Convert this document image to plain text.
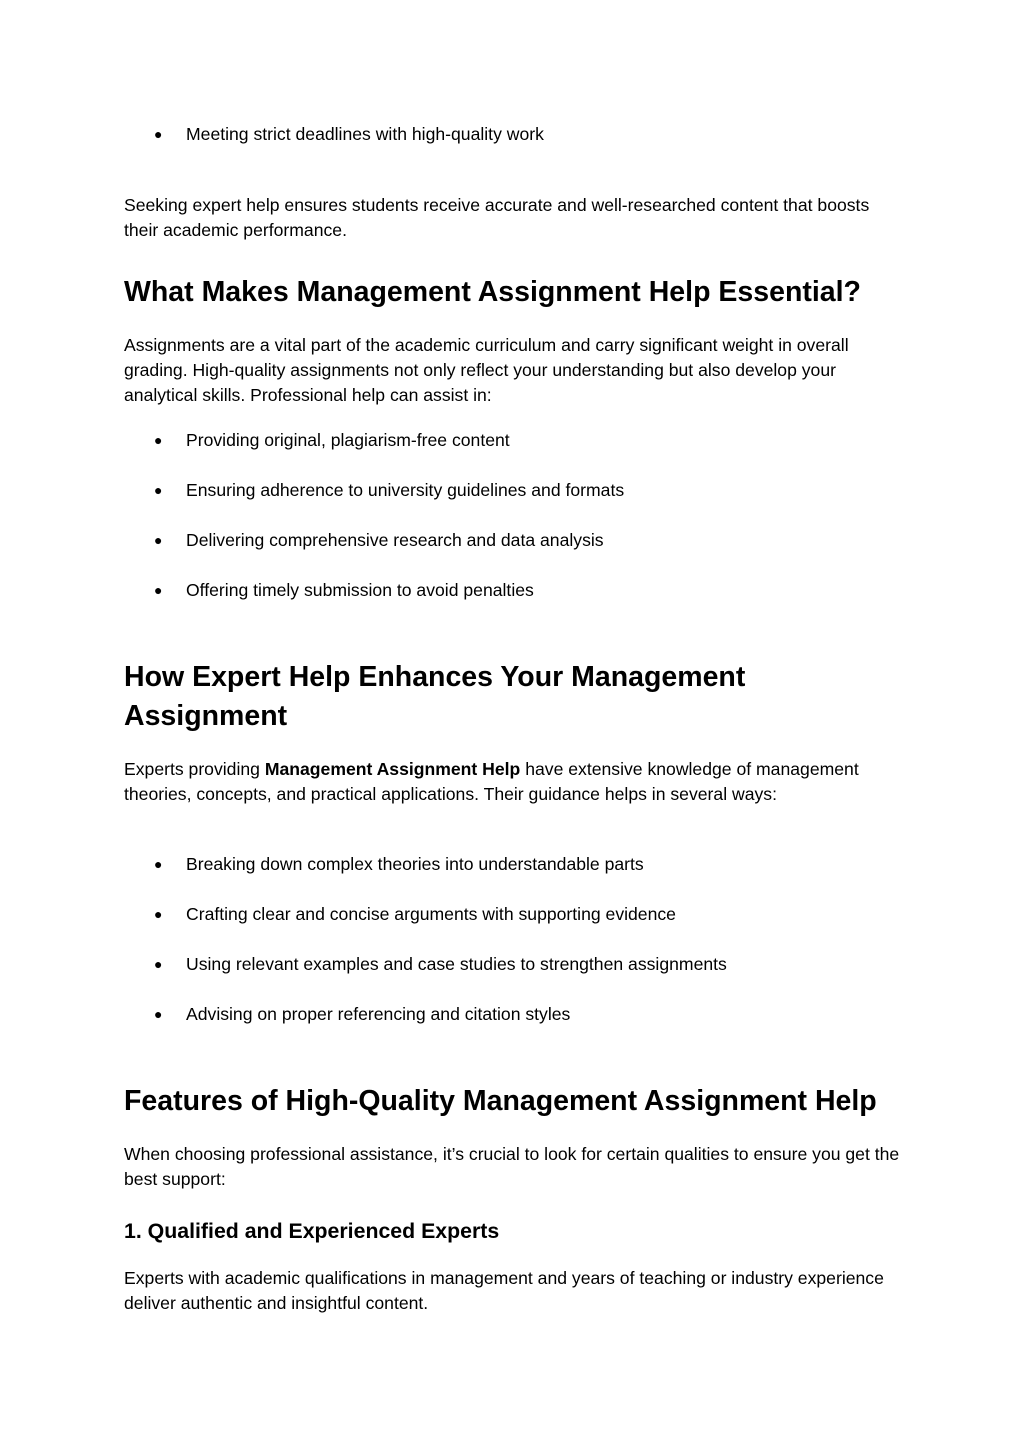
●	Meeting strict deadlines with high-quality work

Seeking expert help ensures students receive accurate and well-researched content that boosts their academic performance.

What Makes Management Assignment Help Essential?

Assignments are a vital part of the academic curriculum and carry significant weight in overall grading. High-quality assignments not only reflect your understanding but also develop your analytical skills. Professional help can assist in:

●	Providing original, plagiarism-free content
●	Ensuring adherence to university guidelines and formats
●	Delivering comprehensive research and data analysis
●	Offering timely submission to avoid penalties
How Expert Help Enhances Your Management Assignment

Experts providing Management Assignment Help have extensive knowledge of management theories, concepts, and practical applications. Their guidance helps in several ways:

●	Breaking down complex theories into understandable parts
●	Crafting clear and concise arguments with supporting evidence
●	Using relevant examples and case studies to strengthen assignments
●	Advising on proper referencing and citation styles
Features of High-Quality Management Assignment Help

When choosing professional assistance, it’s crucial to look for certain qualities to ensure you get the best support:

1. Qualified and Experienced Experts

Experts with academic qualifications in management and years of teaching or industry experience deliver authentic and insightful content.
